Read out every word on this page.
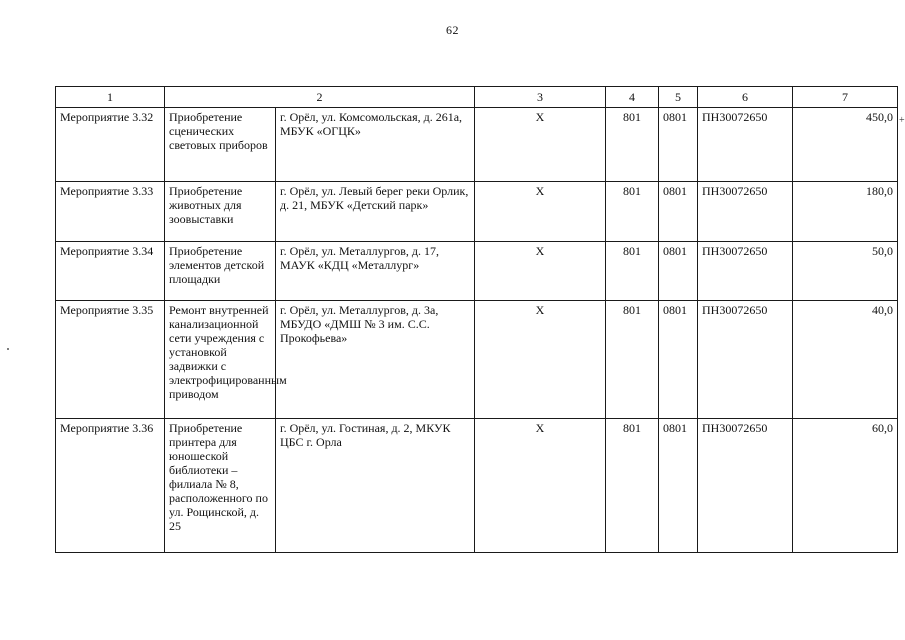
62
+
1	2		3	4	5	6	7
Мероприятие 3.32	Приобретение сценических световых приборов	г. Орёл, ул. Комсомольская, д. 261а, МБУК «ОГЦК»	Х	801	0801	ПН30072650	450,0
Мероприятие 3.33	Приобретение животных для зоовыставки	г. Орёл, ул. Левый берег реки Орлик, д. 21, МБУК «Детский парк»	Х	801	0801	ПН30072650	180,0
Мероприятие 3.34	Приобретение элементов детской площадки	г. Орёл, ул. Металлургов, д. 17, МАУК «КДЦ «Металлург»	Х	801	0801	ПН30072650	50,0
Мероприятие 3.35	Ремонт внутренней канализационной сети учреждения с установкой задвижки с электрофицированным приводом	г. Орёл, ул. Металлургов, д. 3а, МБУДО «ДМШ № 3 им. С.С. Прокофьева»	Х	801	0801	ПН30072650	40,0
Мероприятие 3.36	Приобретение принтера для юношеской библиотеки – филиала № 8, расположенного по ул. Рощинской, д. 25	г. Орёл, ул. Гостиная, д. 2, МКУК ЦБС г. Орла	Х	801	0801	ПН30072650	60,0
